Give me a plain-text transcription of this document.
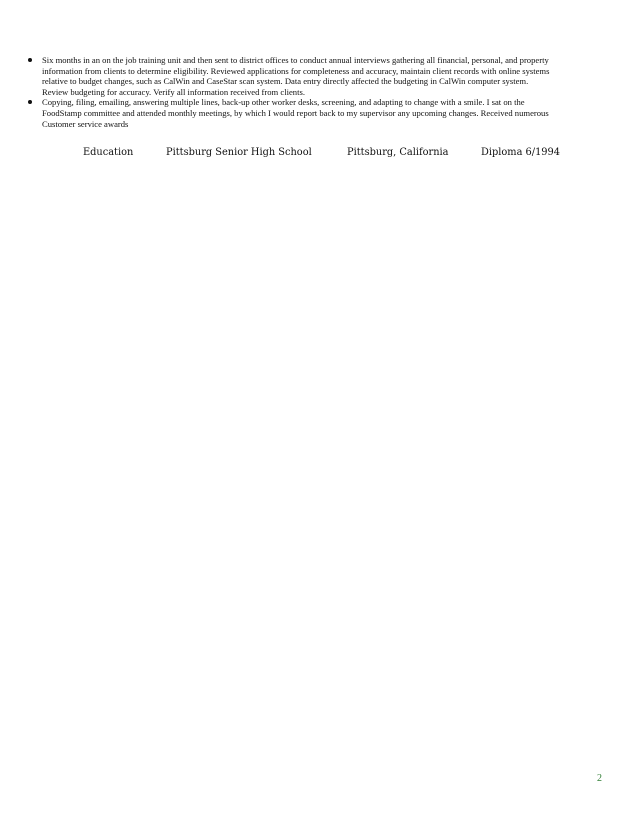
Six months in an on the job training unit and then sent to district offices to conduct annual interviews gathering all financial, personal, and property
information from clients to determine eligibility. Reviewed applications for completeness and accuracy, maintain client records with online systems
relative to budget changes, such as CalWin and CaseStar scan system. Data entry directly affected the budgeting in CalWin computer system.
Review budgeting for accuracy. Verify all information received from clients.
Copying, filing, emailing, answering multiple lines, back-up other worker desks, screening, and adapting to change with a smile. I sat on the
FoodStamp committee and attended monthly meetings, by which I would report back to my supervisor any upcoming changes. Received numerous
Customer service awards
Education	Pittsburg Senior High School	Pittsburg, California	Diploma 6/1994
2
